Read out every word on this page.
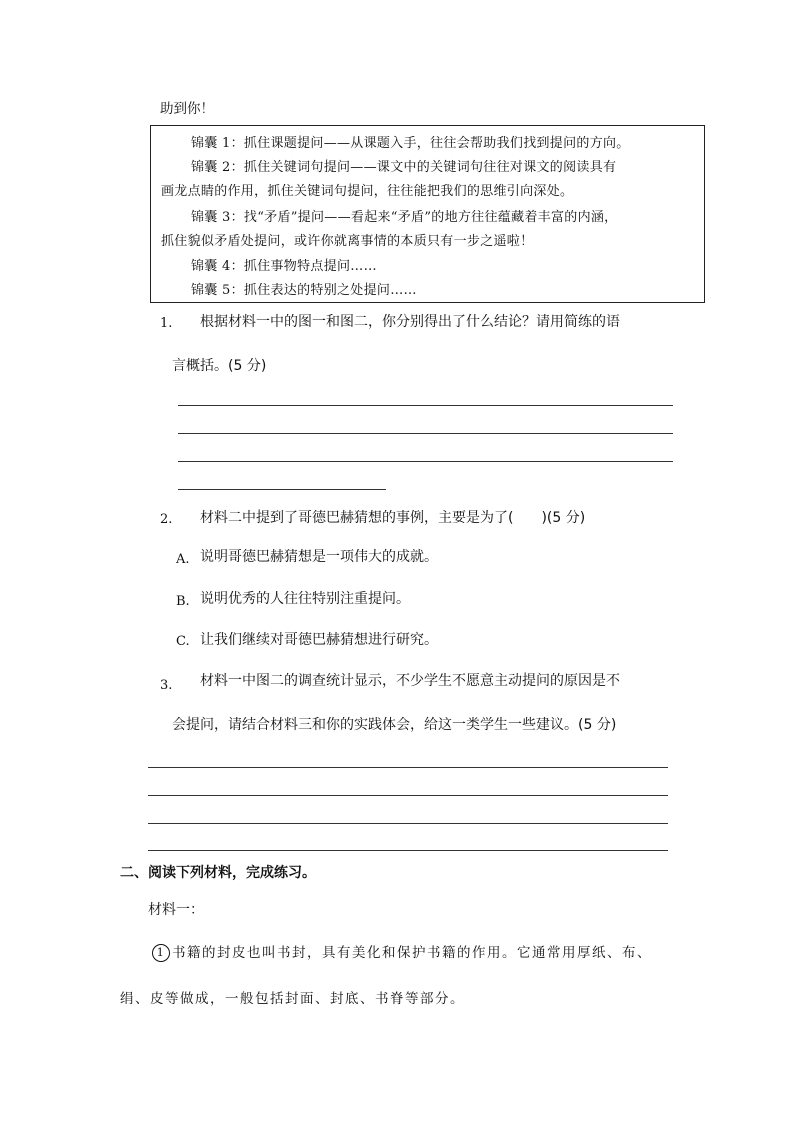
助到你！
锦囊 1：抓住课题提问——从课题入手，往往会帮助我们找到提问的方向。
锦囊 2：抓住关键词句提问——课文中的关键词句往往对课文的阅读具有
画龙点睛的作用，抓住关键词句提问，往往能把我们的思维引向深处。
锦囊 3：找“矛盾”提问——看起来“矛盾”的地方往往蕴藏着丰富的内涵，
抓住貌似矛盾处提问，或许你就离事情的本质只有一步之遥啦！
锦囊 4：抓住事物特点提问……
锦囊 5：抓住表达的特别之处提问……
1. 根据材料一中的图一和图二，你分别得出了什么结论？请用简练的语
言概括。(5 分)
2. 材料二中提到了哥德巴赫猜想的事例，主要是为了(　　)(5 分)
A. 说明哥德巴赫猜想是一项伟大的成就。
B. 说明优秀的人往往特别注重提问。
C. 让我们继续对哥德巴赫猜想进行研究。
3. 材料一中图二的调查统计显示，不少学生不愿意主动提问的原因是不
会提问，请结合材料三和你的实践体会，给这一类学生一些建议。(5 分)
二、阅读下列材料，完成练习。
材料一：
1 书籍的封皮也叫书封，具有美化和保护书籍的作用。它通常用厚纸、布、
绢、皮等做成，一般包括封面、封底、书脊等部分。
